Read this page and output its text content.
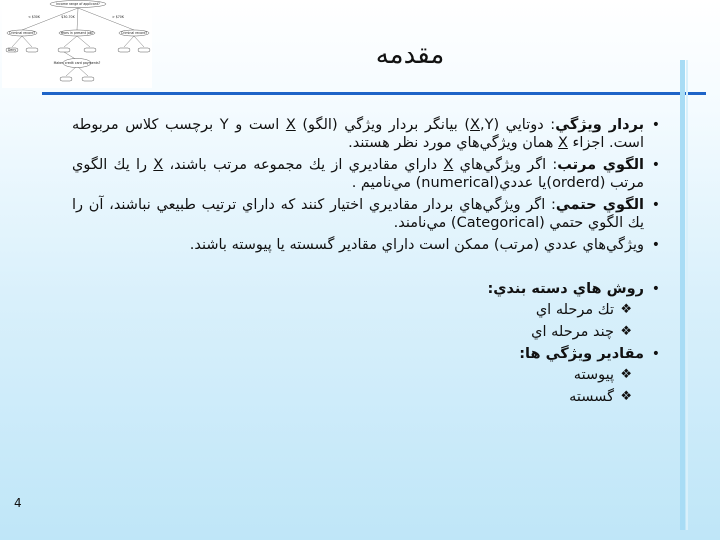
Income range of applicant?
< $30K	$30-70K	> $70K
Criminal record?	Years in present job?	Criminal record?
Makes credit card payments?
Deny	مقدمه
• بردار ويژگي: دوتايي (X,Y) بيانگر بردار ويژگي (الگو) X است و Y برچسب كلاس مربوطه است. اجزاء X همان ويژگي‌هاي مورد نظر هستند.
• الگوي مرتب: اگر ويژگي‌هاي X داراي مقاديري از يك مجموعه مرتب باشند، X را يك الگوي مرتب (orderd)يا عددي(numerical) مي‌ناميم .
• الگوي حتمي: اگر ويژگي‌هاي بردار مقاديري اختيار كنند كه داراي ترتيب طبيعي نباشند، آن را يك الگوي حتمي (Categorical) مي‌نامند.
• ويژگي‌هاي عددي (مرتب) ممكن است داراي مقادير گسسته يا پيوسته باشند.
• روش هاي دسته بندي:
❖
تك مرحله اي
❖
چند مرحله اي
• مقادير ويژگي ها:
❖
پيوسته
❖
گسسته
4
